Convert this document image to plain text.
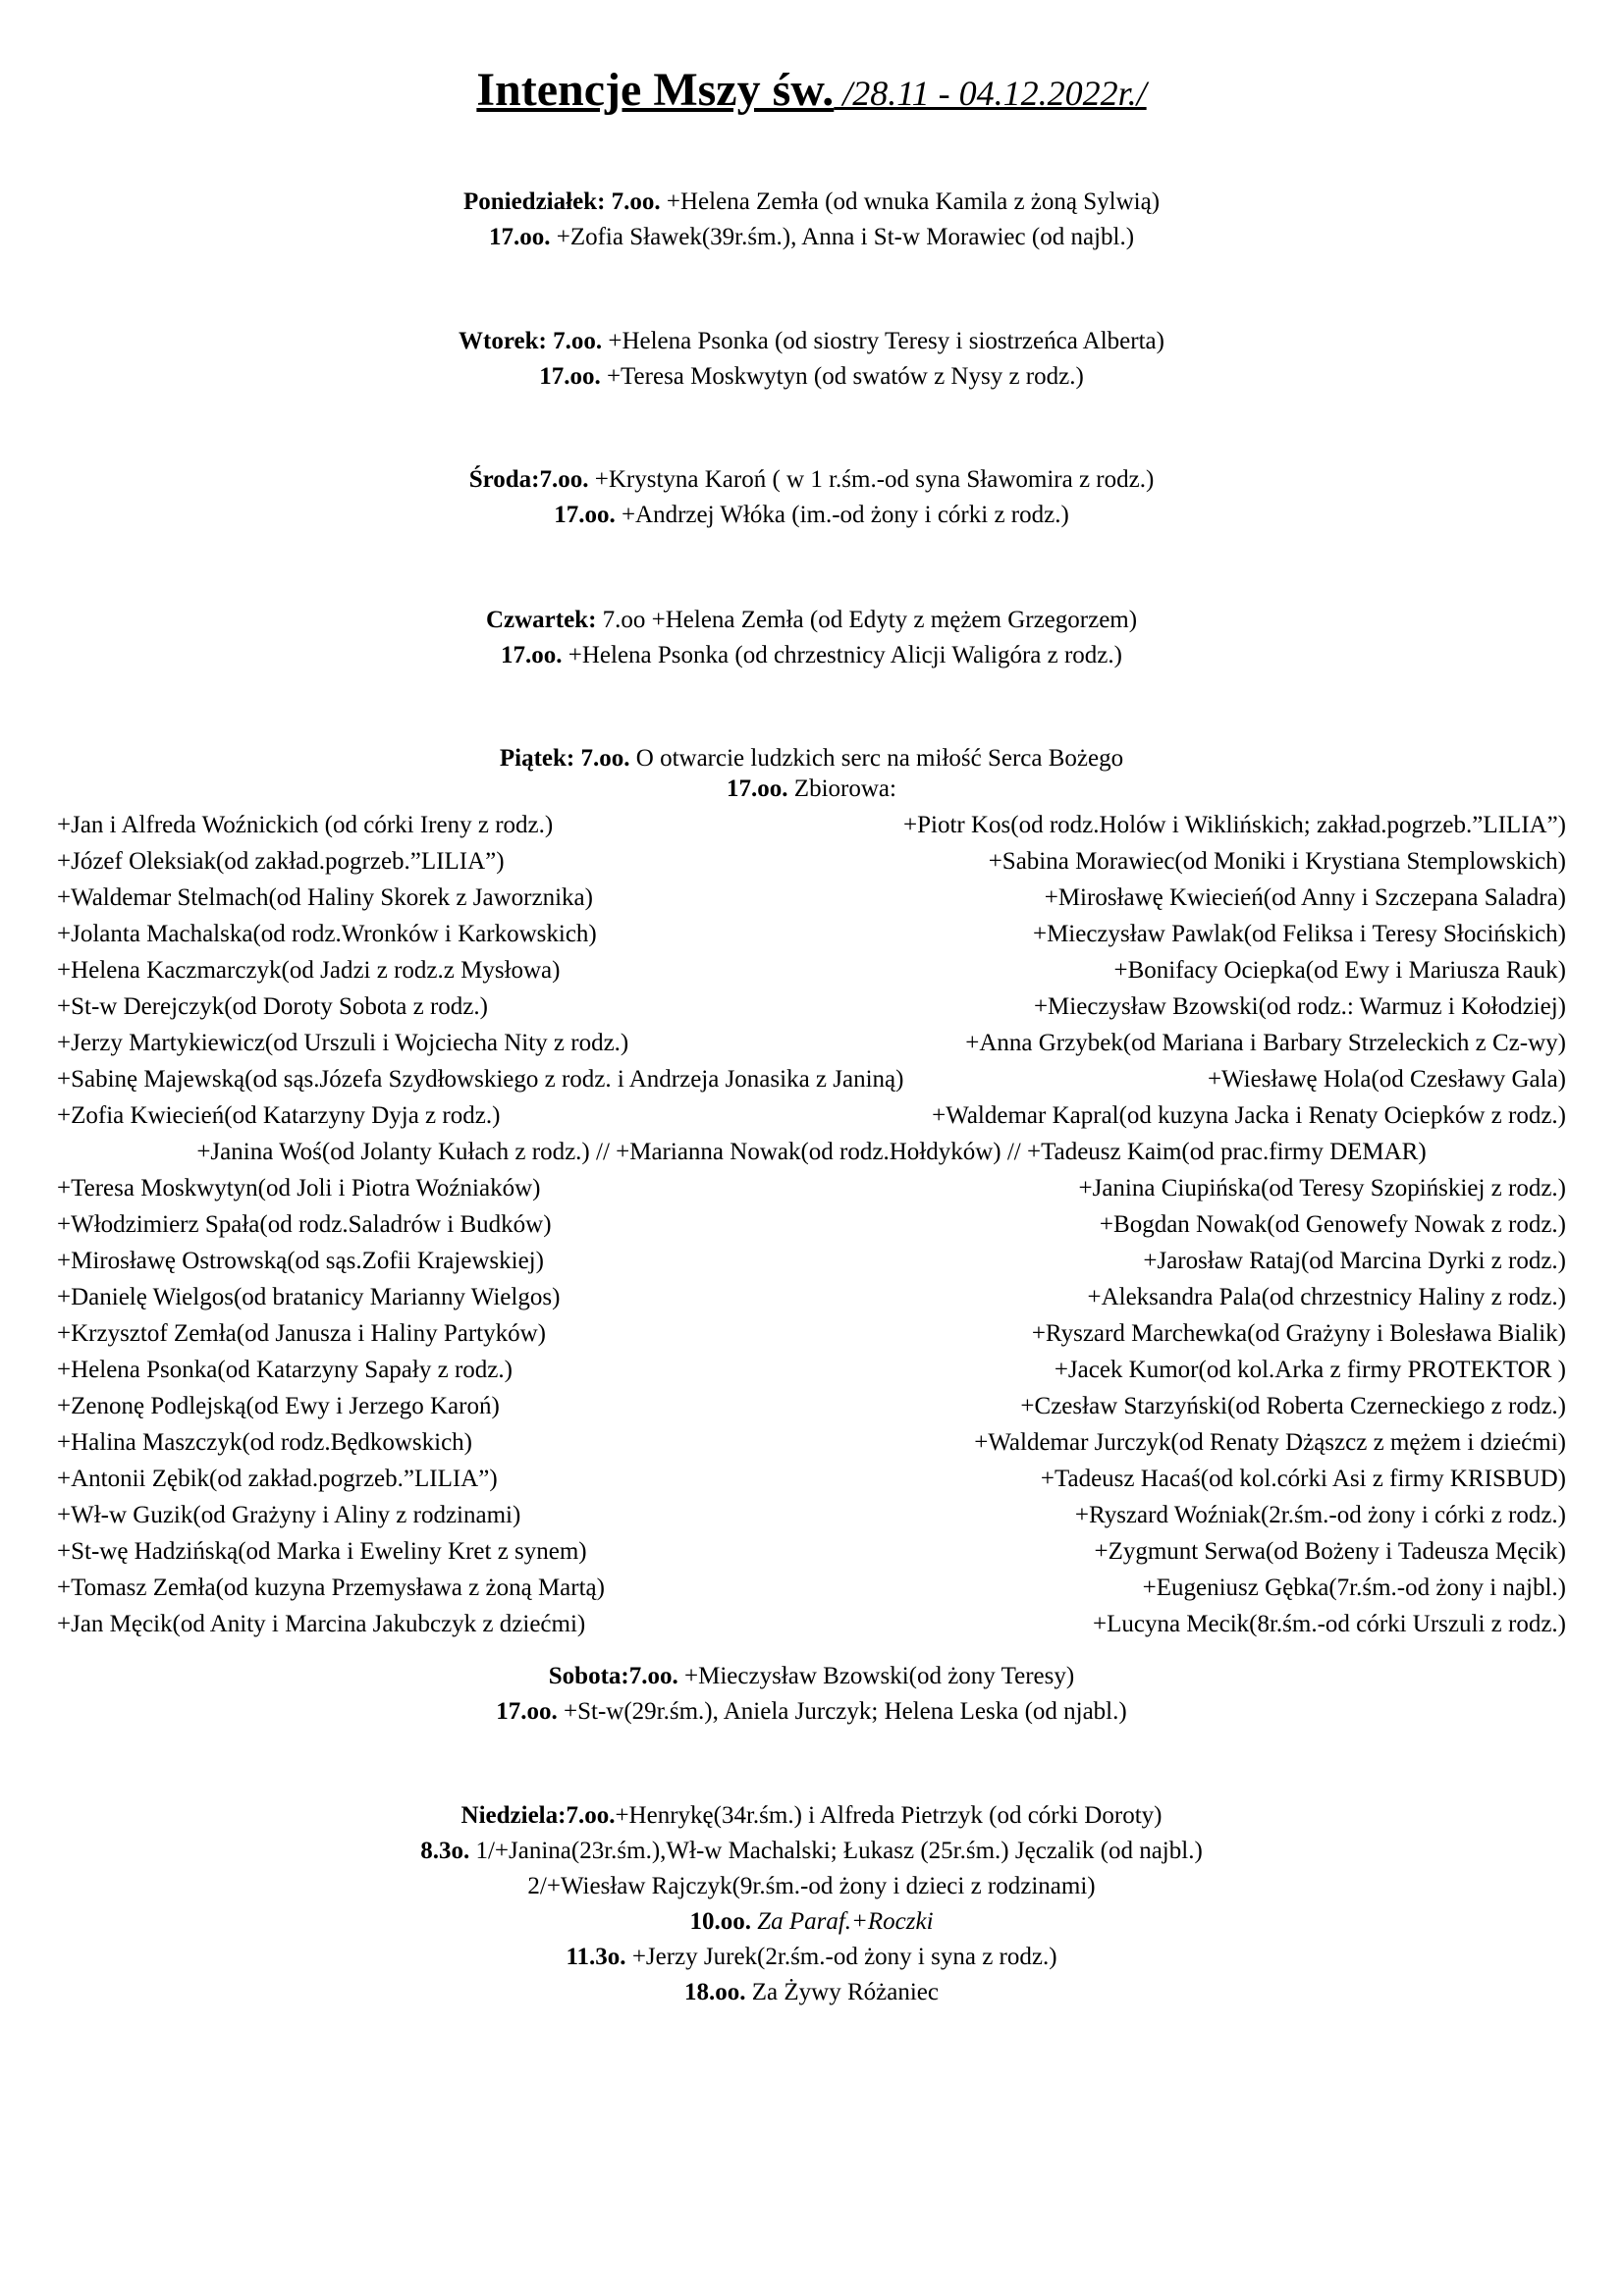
Intencje Mszy św. /28.11 - 04.12.2022r./
Poniedziałek: 7.oo. +Helena Zemła (od wnuka Kamila z żoną Sylwią)
17.oo. +Zofia Sławek(39r.śm.), Anna i St-w Morawiec (od najbl.)
Wtorek: 7.oo. +Helena Psonka (od siostry Teresy i siostrzeńca Alberta)
17.oo. +Teresa Moskwytyn (od swatów z Nysy z rodz.)
Środa:7.oo. +Krystyna Karoń ( w 1 r.śm.-od syna Sławomira z rodz.)
17.oo. +Andrzej Włóka (im.-od żony i córki z rodz.)
Czwartek: 7.oo +Helena Zemła (od Edyty z mężem Grzegorzem)
17.oo. +Helena Psonka (od chrzestnicy Alicji Waligóra z rodz.)
Piątek: 7.oo. O otwarcie ludzkich serc na miłość Serca Bożego
17.oo. Zbiorowa:
+Jan i Alfreda Woźnickich (od córki Ireny z rodz.)	+Piotr Kos(od rodz.Holów i Wiklińskich; zakład.pogrzeb.”LILIA”)
+Józef Oleksiak(od zakład.pogrzeb.”LILIA”)	+Sabina Morawiec(od Moniki i Krystiana Stemplowskich)
+Waldemar Stelmach(od Haliny Skorek z Jaworznika)	+Mirosławę Kwiecień(od Anny i Szczepana Saladra)
+Jolanta Machalska(od rodz.Wronków i Karkowskich)	+Mieczysław Pawlak(od Feliksa i Teresy Słocińskich)
+Helena Kaczmarczyk(od Jadzi z rodz.z Mysłowa)	+Bonifacy Ociepka(od Ewy i Mariusza Rauk)
+St-w Derejczyk(od Doroty Sobota z rodz.)	+Mieczysław Bzowski(od rodz.: Warmuz i Kołodziej)
+Jerzy Martykiewicz(od Urszuli i Wojciecha Nity z rodz.)	+Anna Grzybek(od Mariana i Barbary Strzeleckich z Cz-wy)
+Sabinę Majewską(od sąs.Józefa Szydłowskiego z rodz. i Andrzeja Jonasika z Janiną)	+Wiesławę Hola(od Czesławy Gala)
+Zofia Kwiecień(od Katarzyny Dyja z rodz.)	+Waldemar Kapral(od kuzyna Jacka i Renaty Ociepków z rodz.)
+Janina Woś(od Jolanty Kułach z rodz.) // +Marianna Nowak(od rodz.Hołdyków) // +Tadeusz Kaim(od prac.firmy DEMAR)
+Teresa Moskwytyn(od Joli i Piotra Woźniaków)	+Janina Ciupińska(od Teresy Szopińskiej z rodz.)
+Włodzimierz Spała(od rodz.Saladrów i Budków)	+Bogdan Nowak(od Genowefy Nowak z rodz.)
+Mirosławę Ostrowską(od sąs.Zofii Krajewskiej)	+Jarosław Rataj(od Marcina Dyrki z rodz.)
+Danielę Wielgos(od bratanicy Marianny Wielgos)	+Aleksandra Pala(od chrzestnicy Haliny z rodz.)
+Krzysztof Zemła(od Janusza i Haliny Partyków)	+Ryszard Marchewka(od Grażyny i Bolesława Bialik)
+Helena Psonka(od Katarzyny Sapały z rodz.)	+Jacek Kumor(od kol.Arka z firmy PROTEKTOR )
+Zenonę Podlejską(od Ewy i Jerzego Karoń)	+Czesław Starzyński(od Roberta Czerneckiego z rodz.)
+Halina Maszczyk(od rodz.Będkowskich)	+Waldemar Jurczyk(od Renaty Dżąszcz z mężem i dziećmi)
+Antonii Zębik(od zakład.pogrzeb.”LILIA”)	+Tadeusz Hacaś(od kol.córki Asi z firmy KRISBUD)
+Wł-w Guzik(od Grażyny i Aliny z rodzinami)	+Ryszard Woźniak(2r.śm.-od żony i córki z rodz.)
+St-wę Hadzińską(od Marka i Eweliny Kret z synem)	+Zygmunt Serwa(od Bożeny i Tadeusza Męcik)
+Tomasz Zemła(od kuzyna Przemysława z żoną Martą)	+Eugeniusz Gębka(7r.śm.-od żony i najbl.)
+Jan Męcik(od Anity i Marcina Jakubczyk z dziećmi)	+Lucyna Mecik(8r.śm.-od córki Urszuli z rodz.)
Sobota:7.oo. +Mieczysław Bzowski(od żony Teresy)
17.oo. +St-w(29r.śm.), Aniela Jurczyk; Helena Leska (od njabl.)
Niedziela:7.oo.+Henrykę(34r.śm.) i Alfreda Pietrzyk (od córki Doroty)
8.3o. 1/+Janina(23r.śm.),Wł-w Machalski; Łukasz (25r.śm.) Jęczalik (od najbl.)
2/+Wiesław Rajczyk(9r.śm.-od żony i dzieci z rodzinami)
10.oo. Za Paraf.+Roczki
11.3o. +Jerzy Jurek(2r.śm.-od żony i syna z rodz.)
18.oo. Za Żywy Różaniec
